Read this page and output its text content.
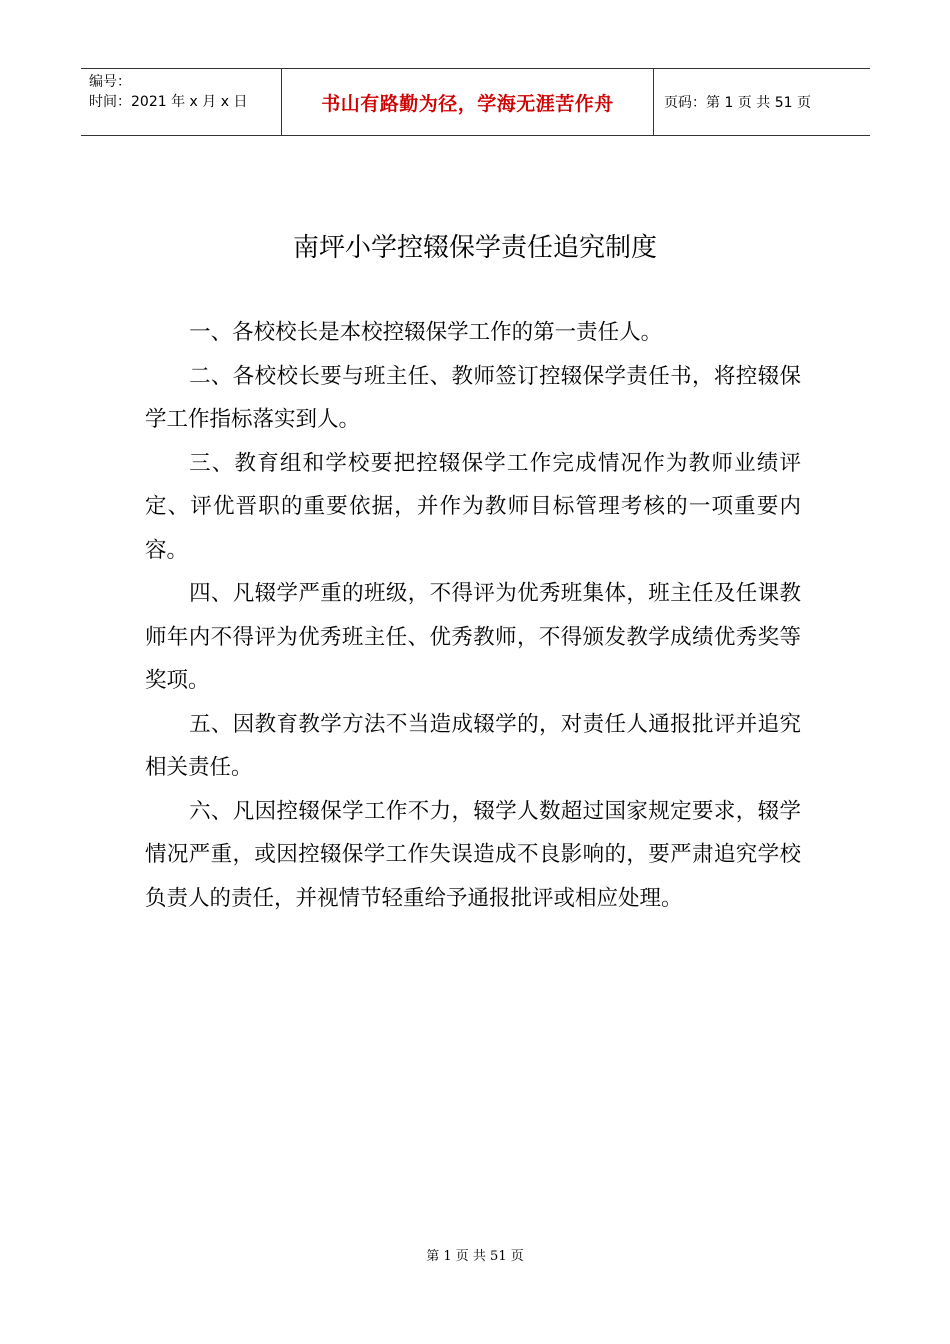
编号：
时间：2021 年 x 月 x 日	书山有路勤为径，学海无涯苦作舟	页码：第 1 页 共 51 页
南坪小学控辍保学责任追究制度

一、各校校长是本校控辍保学工作的第一责任人。

二、各校校长要与班主任、教师签订控辍保学责任书，将控辍保学工作指标落实到人。

三、教育组和学校要把控辍保学工作完成情况作为教师业绩评定、评优晋职的重要依据，并作为教师目标管理考核的一项重要内容。

四、凡辍学严重的班级，不得评为优秀班集体，班主任及任课教师年内不得评为优秀班主任、优秀教师，不得颁发教学成绩优秀奖等奖项。

五、因教育教学方法不当造成辍学的，对责任人通报批评并追究相关责任。

六、凡因控辍保学工作不力，辍学人数超过国家规定要求，辍学情况严重，或因控辍保学工作失误造成不良影响的，要严肃追究学校负责人的责任，并视情节轻重给予通报批评或相应处理。

第 1 页 共 51 页
